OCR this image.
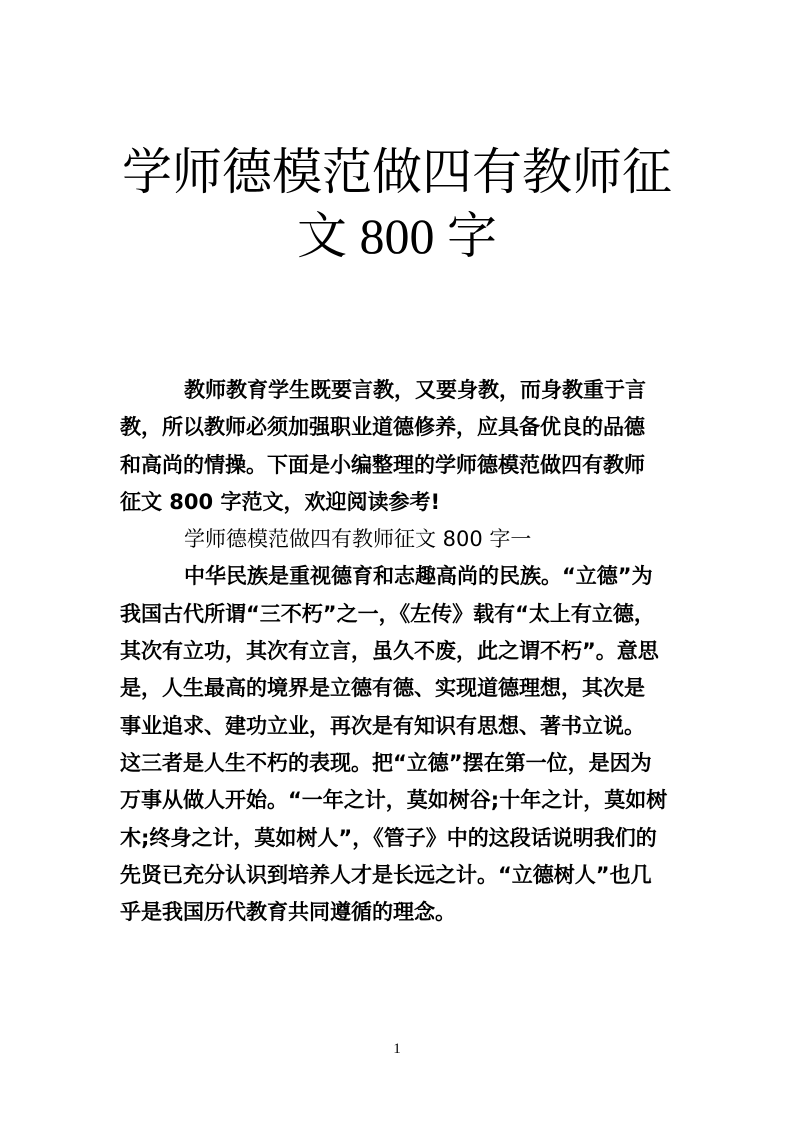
学师德模范做四有教师征
文 800 字
教师教育学生既要言教，又要身教，而身教重于言
教，所以教师必须加强职业道德修养，应具备优良的品德
和高尚的情操。下面是小编整理的学师德模范做四有教师
征文 800 字范文，欢迎阅读参考!
学师德模范做四有教师征文 800 字一
中华民族是重视德育和志趣高尚的民族。“立德”为
我国古代所谓“三不朽”之一，《左传》载有“太上有立德，
其次有立功，其次有立言，虽久不废，此之谓不朽”。意思
是，人生最高的境界是立德有德、实现道德理想，其次是
事业追求、建功立业，再次是有知识有思想、著书立说。
这三者是人生不朽的表现。把“立德”摆在第一位，是因为
万事从做人开始。“一年之计，莫如树谷;十年之计，莫如树
木;终身之计，莫如树人”，《管子》中的这段话说明我们的
先贤已充分认识到培养人才是长远之计。“立德树人”也几
乎是我国历代教育共同遵循的理念。
1
